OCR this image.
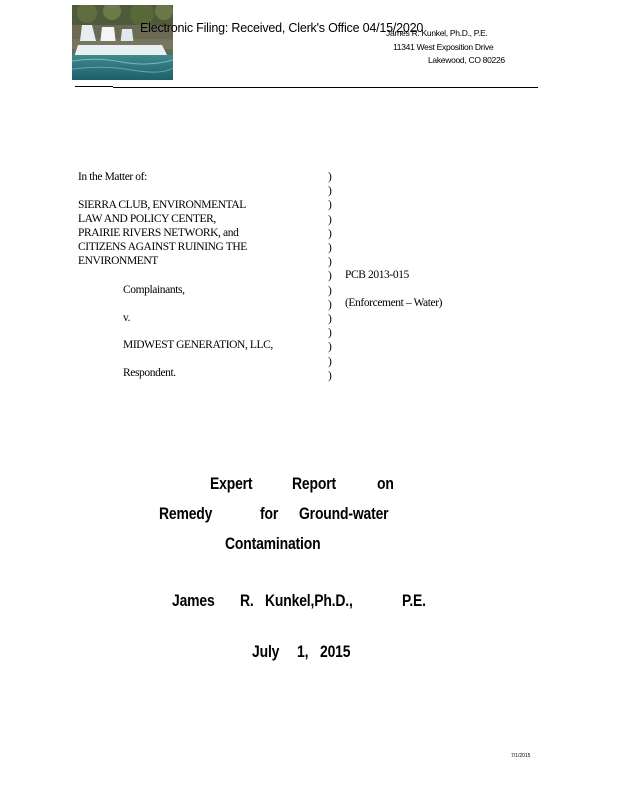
Electronic Filing: Received, Clerk's Office 04/15/2020
James R. Kunkel, Ph.D., P.E.
11341 West Exposition Drive
Lakewood, CO 80226
In the Matter of:
SIERRA CLUB, ENVIRONMENTAL
LAW AND POLICY CENTER,
PRAIRIE RIVERS NETWORK, and
CITIZENS AGAINST RUINING THE
ENVIRONMENT
Complainants,
v.
MIDWEST GENERATION, LLC,
Respondent.
)
)
)
)
)
)
)
)
)
)
)
)
)
)
)
PCB 2013-015
(Enforcement – Water)
Expert Report on
Remedy	for Ground-water
Contamination
James R. Kunkel,Ph.D.,	P.E.
July 1, 2015
7/1/2015
